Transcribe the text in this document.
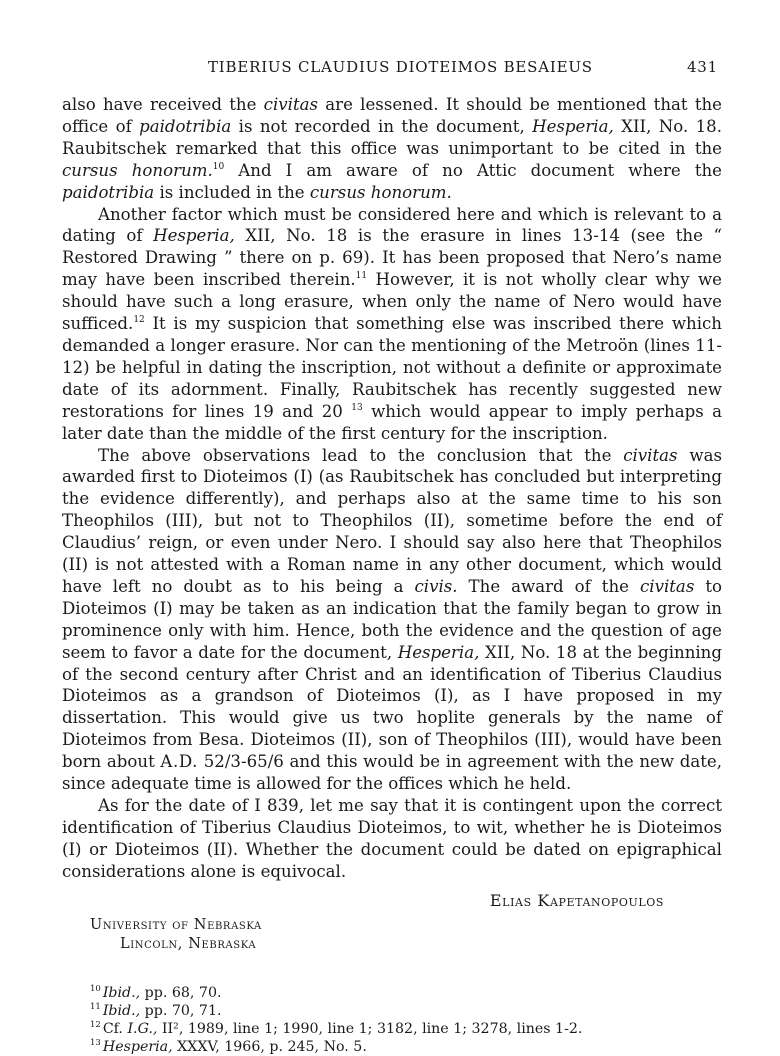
TIBERIUS CLAUDIUS DIOTEIMOS BESAIEUS	431

also have received the civitas are lessened. It should be mentioned that the office of paidotribia is not recorded in the document, Hesperia, XII, No. 18. Raubitschek remarked that this office was unimportant to be cited in the cursus honorum.$^{10}$ And I am aware of no Attic document where the paidotribia is included in the cursus honorum.

Another factor which must be considered here and which is relevant to a dating of Hesperia, XII, No. 18 is the erasure in lines 13-14 (see the “ Restored Drawing ” there on p. 69). It has been proposed that Nero’s name may have been inscribed therein.$^{11}$ However, it is not wholly clear why we should have such a long erasure, when only the name of Nero would have sufficed.$^{12}$ It is my suspicion that something else was inscribed there which demanded a longer erasure. Nor can the mentioning of the Metroön (lines 11-12) be helpful in dating the inscription, not without a definite or approximate date of its adornment. Finally, Raubitschek has recently suggested new restorations for lines 19 and 20 $^{13}$ which would appear to imply perhaps a later date than the middle of the first century for the inscription.

The above observations lead to the conclusion that the civitas was awarded first to Dioteimos (I) (as Raubitschek has concluded but interpreting the evidence differently), and perhaps also at the same time to his son Theophilos (III), but not to Theophilos (II), sometime before the end of Claudius’ reign, or even under Nero. I should say also here that Theophilos (II) is not attested with a Roman name in any other document, which would have left no doubt as to his being a civis. The award of the civitas to Dioteimos (I) may be taken as an indication that the family began to grow in prominence only with him. Hence, both the evidence and the question of age seem to favor a date for the document, Hesperia, XII, No. 18 at the beginning of the second century after Christ and an identification of Tiberius Claudius Dioteimos as a grandson of Dioteimos (I), as I have proposed in my dissertation. This would give us two hoplite generals by the name of Dioteimos from Besa. Dioteimos (II), son of Theophilos (III), would have been born about A.D. 52/3-65/6 and this would be in agreement with the new date, since adequate time is allowed for the offices which he held.

As for the date of I 839, let me say that it is contingent upon the correct identification of Tiberius Claudius Dioteimos, to wit, whether he is Dioteimos (I) or Dioteimos (II). Whether the document could be dated on epigraphical considerations alone is equivocal.

Elias Kapetanopoulos
University of Nebraska
Lincoln, Nebraska
$^{10}$ Ibid., pp. 68, 70.
$^{11}$ Ibid., pp. 70, 71.
$^{12}$ Cf. I.G., II², 1989, line 1; 1990, line 1; 3182, line 1; 3278, lines 1-2.
$^{13}$ Hesperia, XXXV, 1966, p. 245, No. 5.
